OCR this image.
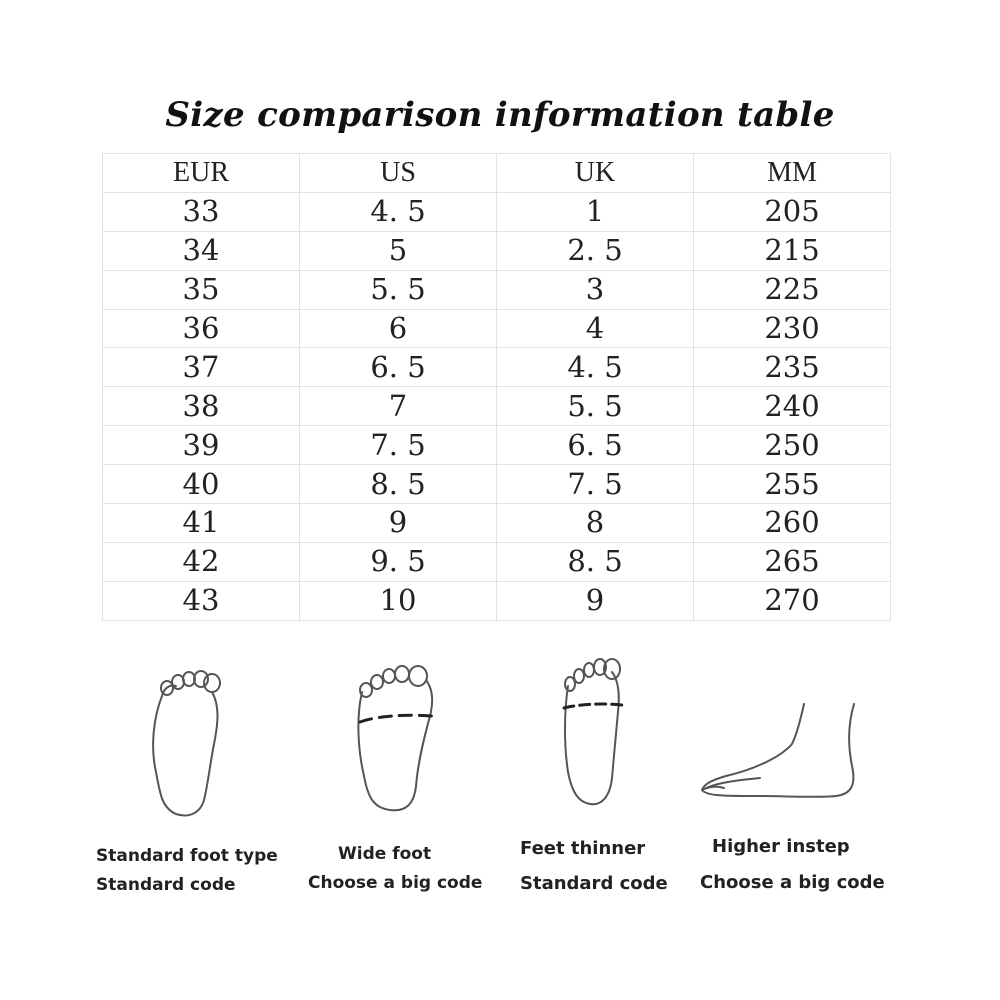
Size comparison information table
EUR	US	UK	MM
33	4. 5	1	205
34	5	2. 5	215
35	5. 5	3	225
36	6	4	230
37	6. 5	4. 5	235
38	7	5. 5	240
39	7. 5	6. 5	250
40	8. 5	7. 5	255
41	9	8	260
42	9. 5	8. 5	265
43	10	9	270
Standard foot type
Standard code
Wide foot
Choose a big code
Feet thinner
Standard code
Higher instep
Choose a big code
